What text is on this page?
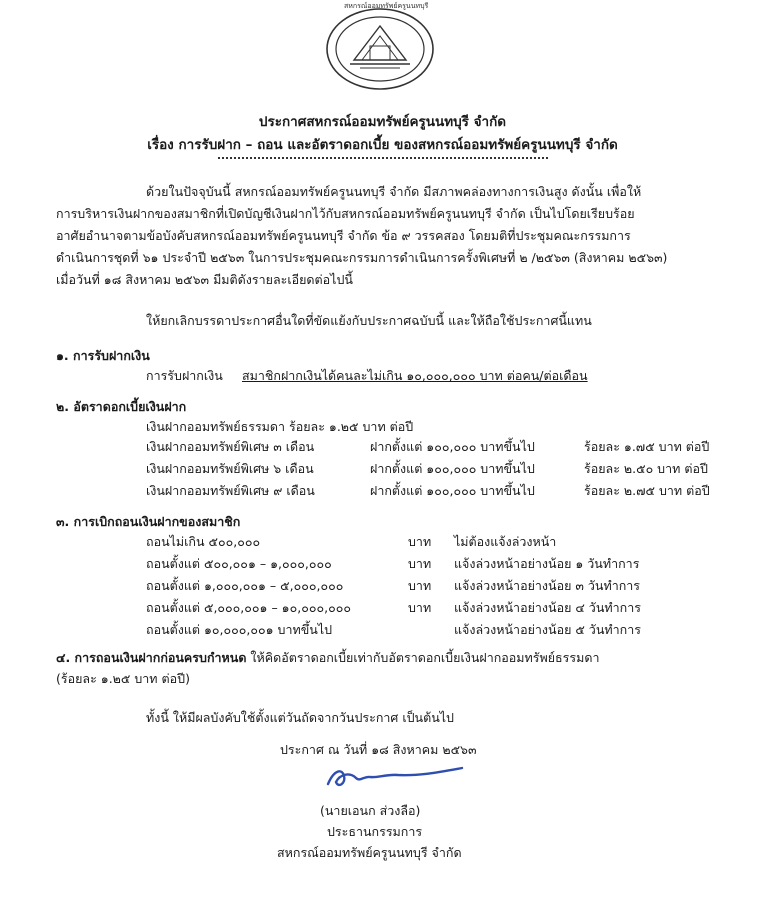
สหกรณ์ออมทรัพย์ครูนนทบุรี
ประกาศสหกรณ์ออมทรัพย์ครูนนทบุรี จำกัด
เรื่อง การรับฝาก – ถอน และอัตราดอกเบี้ย ของสหกรณ์ออมทรัพย์ครูนนทบุรี จำกัด
ด้วยในปัจจุบันนี้ สหกรณ์ออมทรัพย์ครูนนทบุรี จำกัด มีสภาพคล่องทางการเงินสูง ดังนั้น เพื่อให้
การบริหารเงินฝากของสมาชิกที่เปิดบัญชีเงินฝากไว้กับสหกรณ์ออมทรัพย์ครูนนทบุรี จำกัด เป็นไปโดยเรียบร้อย
อาศัยอำนาจตามข้อบังคับสหกรณ์ออมทรัพย์ครูนนทบุรี จำกัด ข้อ ๙ วรรคสอง โดยมติที่ประชุมคณะกรรมการ
ดำเนินการชุดที่ ๖๑ ประจำปี ๒๕๖๓ ในการประชุมคณะกรรมการดำเนินการครั้งพิเศษที่ ๒ /๒๕๖๓ (สิงหาคม ๒๕๖๓)
เมื่อวันที่ ๑๘ สิงหาคม ๒๕๖๓ มีมติดังรายละเอียดต่อไปนี้
ให้ยกเลิกบรรดาประกาศอื่นใดที่ขัดแย้งกับประกาศฉบับนี้ และให้ถือใช้ประกาศนี้แทน
๑. การรับฝากเงิน
การรับฝากเงิน สมาชิกฝากเงินได้คนละไม่เกิน ๑๐,๐๐๐,๐๐๐ บาท ต่อคน/ต่อเดือน
๒. อัตราดอกเบี้ยเงินฝาก
เงินฝากออมทรัพย์ธรรมดา ร้อยละ ๑.๒๕ บาท ต่อปี
เงินฝากออมทรัพย์พิเศษ ๓ เดือน	ฝากตั้งแต่ ๑๐๐,๐๐๐ บาทขึ้นไป	ร้อยละ ๑.๗๕ บาท ต่อปี
เงินฝากออมทรัพย์พิเศษ ๖ เดือน	ฝากตั้งแต่ ๑๐๐,๐๐๐ บาทขึ้นไป	ร้อยละ ๒.๕๐ บาท ต่อปี
เงินฝากออมทรัพย์พิเศษ ๙ เดือน	ฝากตั้งแต่ ๑๐๐,๐๐๐ บาทขึ้นไป	ร้อยละ ๒.๗๕ บาท ต่อปี
๓. การเบิกถอนเงินฝากของสมาชิก
ถอนไม่เกิน ๕๐๐,๐๐๐	บาท ไม่ต้องแจ้งล่วงหน้า
ถอนตั้งแต่ ๕๐๐,๐๐๑ – ๑,๐๐๐,๐๐๐	บาท แจ้งล่วงหน้าอย่างน้อย ๑ วันทำการ
ถอนตั้งแต่ ๑,๐๐๐,๐๐๑ – ๕,๐๐๐,๐๐๐	บาท แจ้งล่วงหน้าอย่างน้อย ๓ วันทำการ
ถอนตั้งแต่ ๕,๐๐๐,๐๐๑ – ๑๐,๐๐๐,๐๐๐	บาท แจ้งล่วงหน้าอย่างน้อย ๔ วันทำการ
ถอนตั้งแต่ ๑๐,๐๐๐,๐๐๑ บาทขึ้นไป	แจ้งล่วงหน้าอย่างน้อย ๕ วันทำการ
๔. การถอนเงินฝากก่อนครบกำหนด ให้คิดอัตราดอกเบี้ยเท่ากับอัตราดอกเบี้ยเงินฝากออมทรัพย์ธรรมดา
(ร้อยละ ๑.๒๕ บาท ต่อปี)
ทั้งนี้ ให้มีผลบังคับใช้ตั้งแต่วันถัดจากวันประกาศ เป็นต้นไป
ประกาศ ณ วันที่ ๑๘ สิงหาคม ๒๕๖๓
(นายเอนก ส่วงลือ)
ประธานกรรมการ
สหกรณ์ออมทรัพย์ครูนนทบุรี จำกัด
